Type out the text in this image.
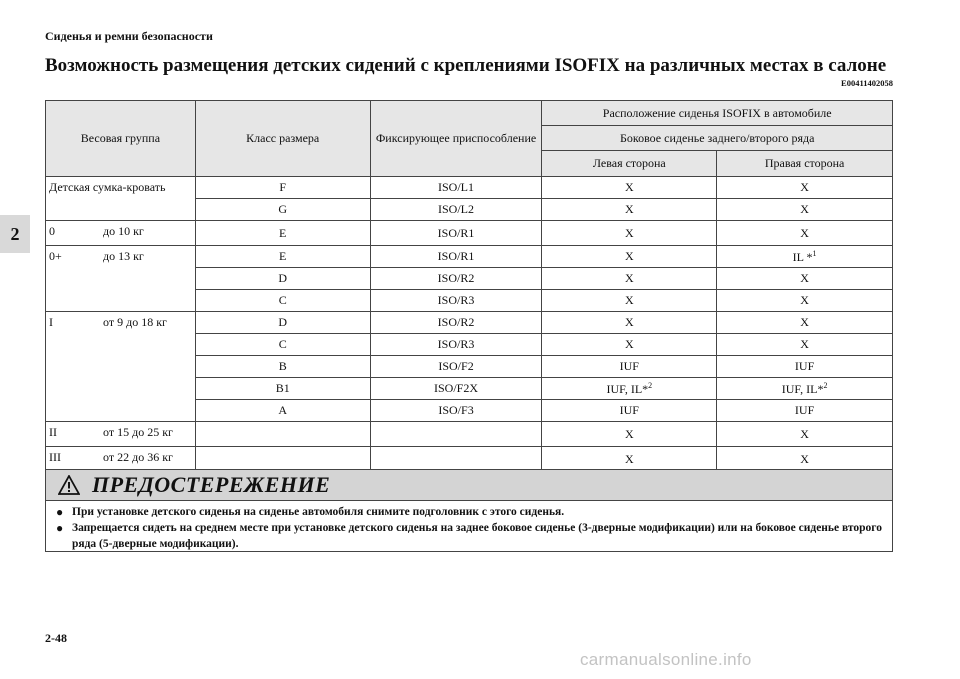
Сиденья и ремни безопасности
Возможность размещения детских сидений с креплениями ISOFIX на различных местах в салоне
E00411402058
2
Весовая группа	Класс размера	Фиксирующее приспособление	Расположение сиденья ISOFIX в автомобиле	
			Боковое сиденье заднего/второго ряда	
			Левая сторона	Правая сторона
Детская сумка-кровать	F	ISO/L1	X	X
	G	ISO/L2	X	X
0 до 10 кг	E	ISO/R1	X	X
0+ до 13 кг	E	ISO/R1	X	IL *$^1$
	D	ISO/R2	X	X
	C	ISO/R3	X	X
I от 9 до 18 кг	D	ISO/R2	X	X
	C	ISO/R3	X	X
	B	ISO/F2	IUF	IUF
	B1	ISO/F2X	IUF, IL*$^2$	IUF, IL*$^2$
	A	ISO/F3	IUF	IUF
II от 15 до 25 кг			X	X
III от 22 до 36 кг			X	X
ПРЕДОСТЕРЕЖЕНИЕ
● При установке детского сиденья на сиденье автомобиля снимите подголовник с этого сиденья.
● Запрещается сидеть на среднем месте при установке детского сиденья на заднее боковое сиденье (3-дверные модификации) или на боковое сиденье второго ряда (5-дверные модификации).
2-48
carmanualsonline.info
